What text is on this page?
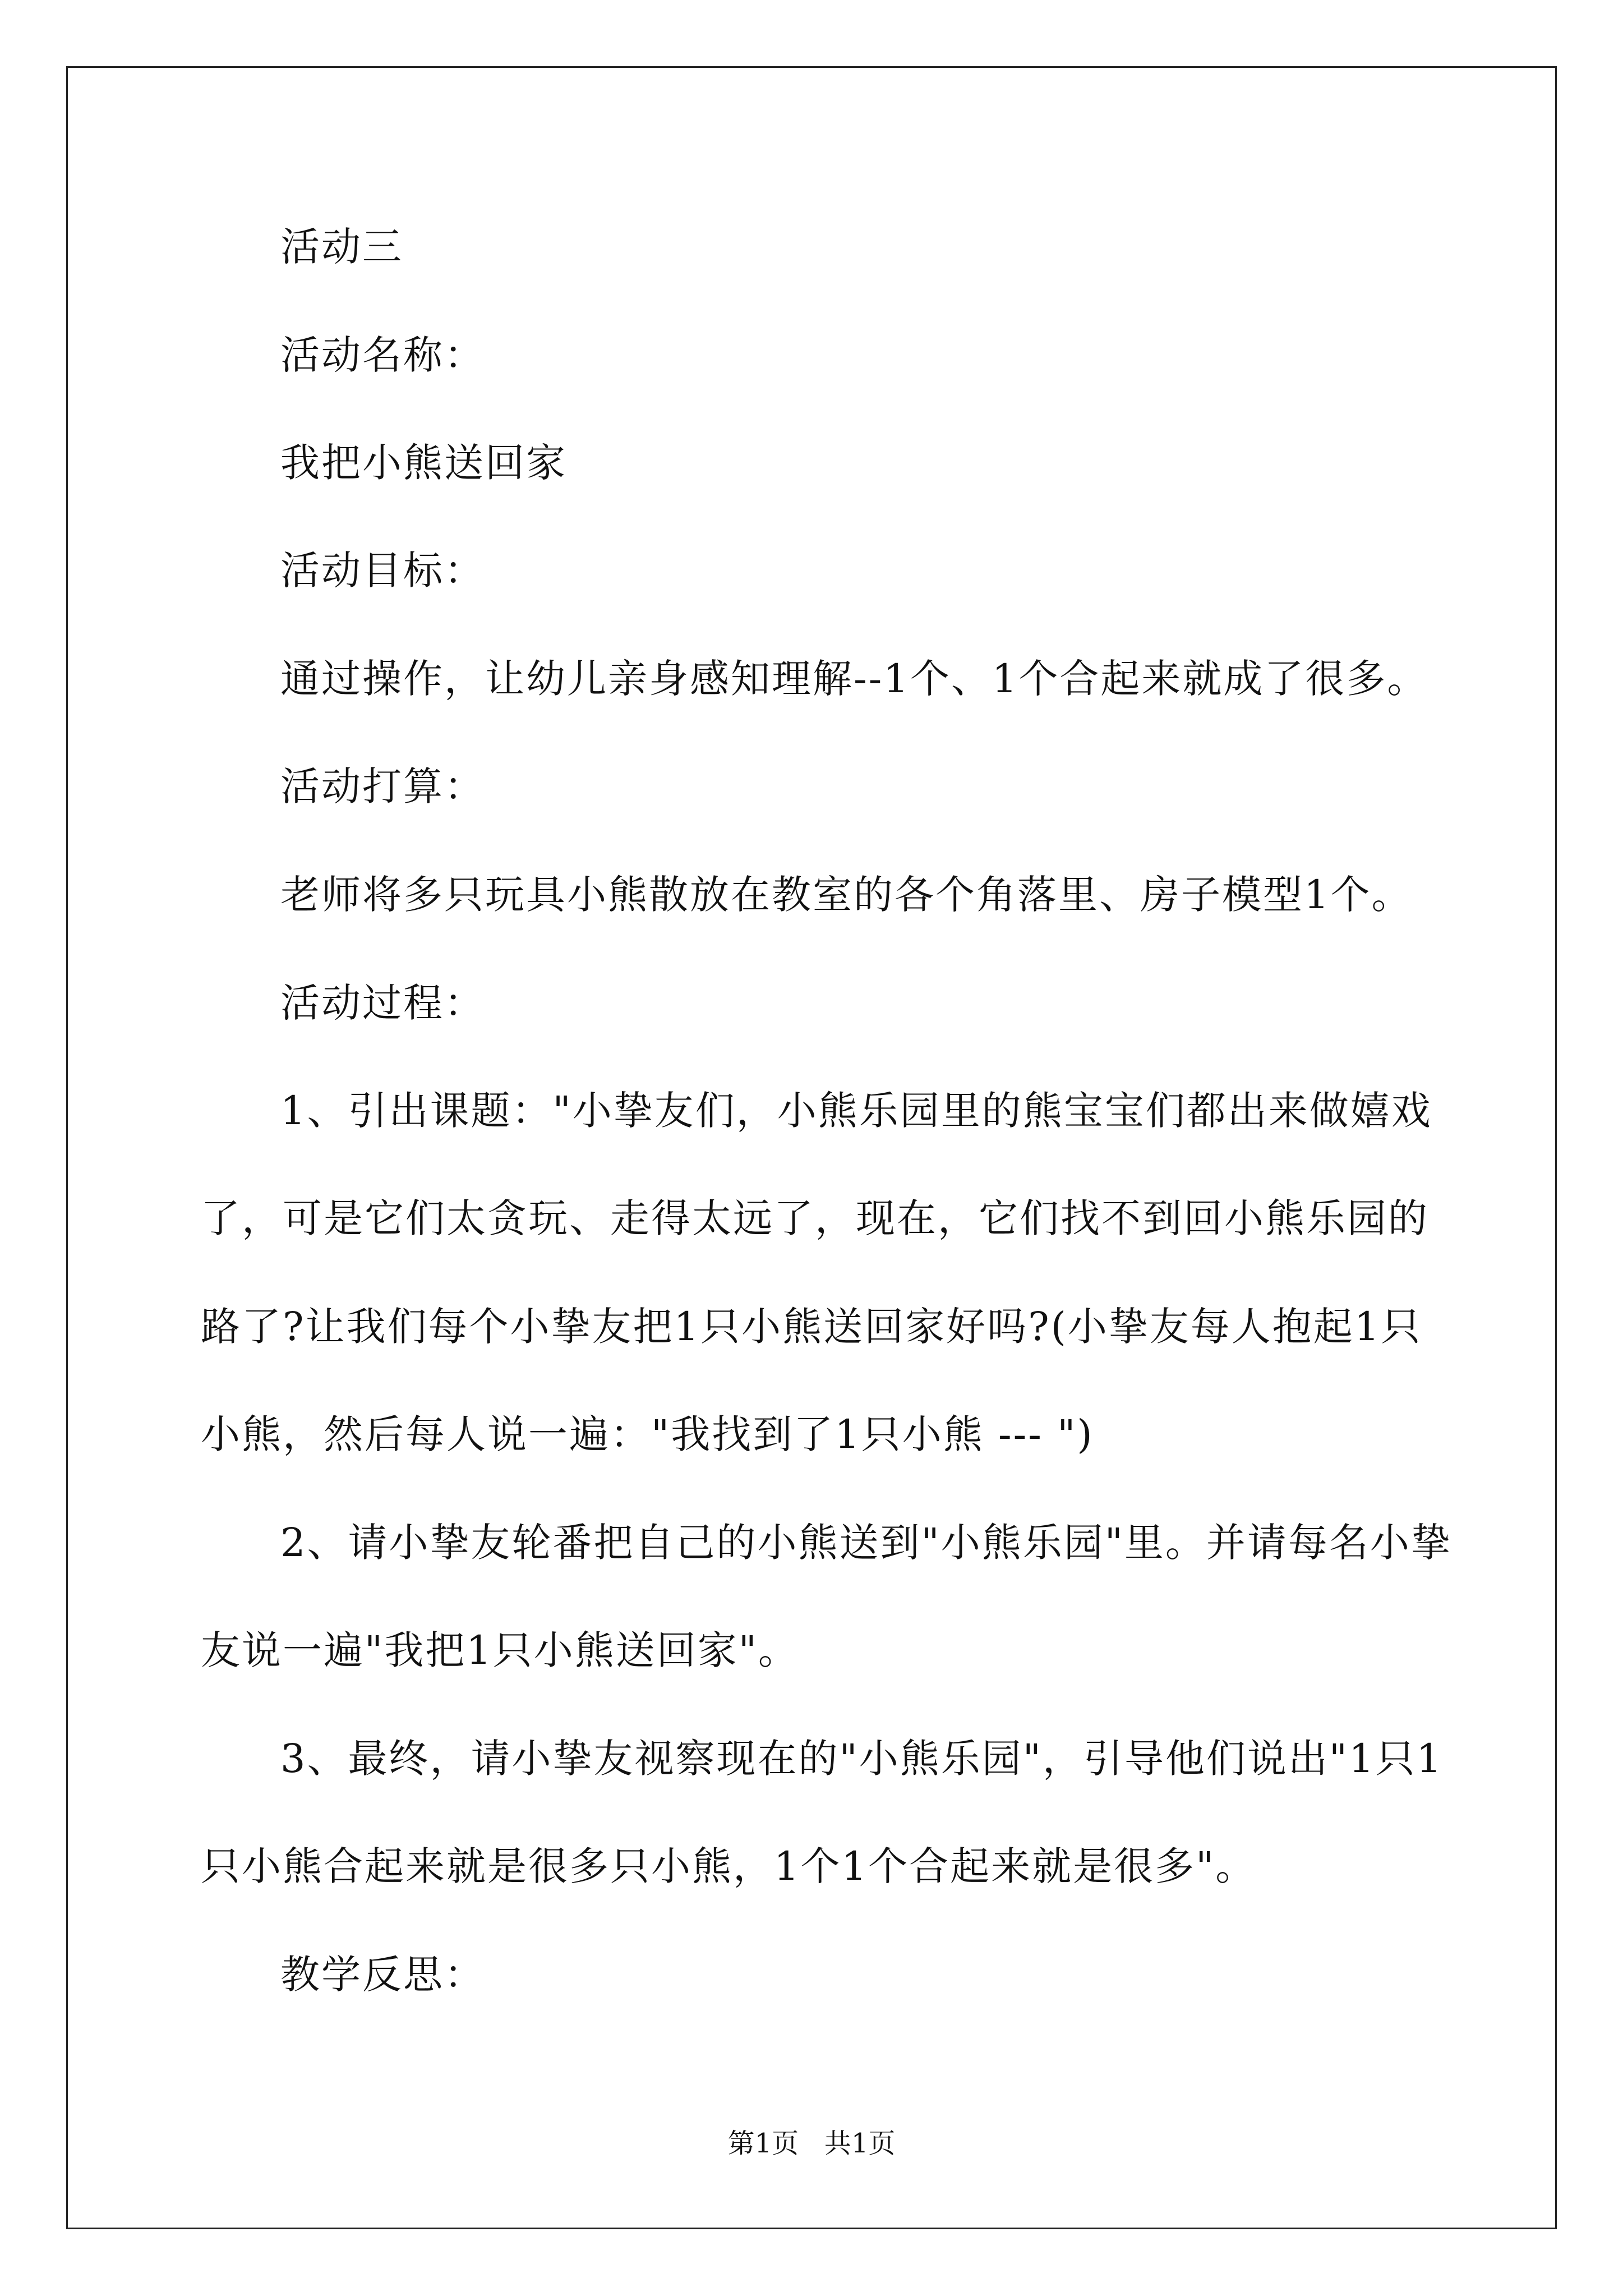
活动三
活动名称：
我把小熊送回家
活动目标：
通过操作，让幼儿亲身感知理解--1个、1个合起来就成了很多。
活动打算：
老师将多只玩具小熊散放在教室的各个角落里、房子模型1个。
活动过程：
1、引出课题："小挚友们，小熊乐园里的熊宝宝们都出来做嬉戏
了，可是它们太贪玩、走得太远了，现在，它们找不到回小熊乐园的
路了?让我们每个小挚友把1只小熊送回家好吗?(小挚友每人抱起1只
小熊，然后每人说一遍："我找到了1只小熊 --- ")
2、请小挚友轮番把自己的小熊送到"小熊乐园"里。并请每名小挚
友说一遍"我把1只小熊送回家"。
3、最终，请小挚友视察现在的"小熊乐园"，引导他们说出"1只1
只小熊合起来就是很多只小熊，1个1个合起来就是很多"。
教学反思：
第1页   共1页
